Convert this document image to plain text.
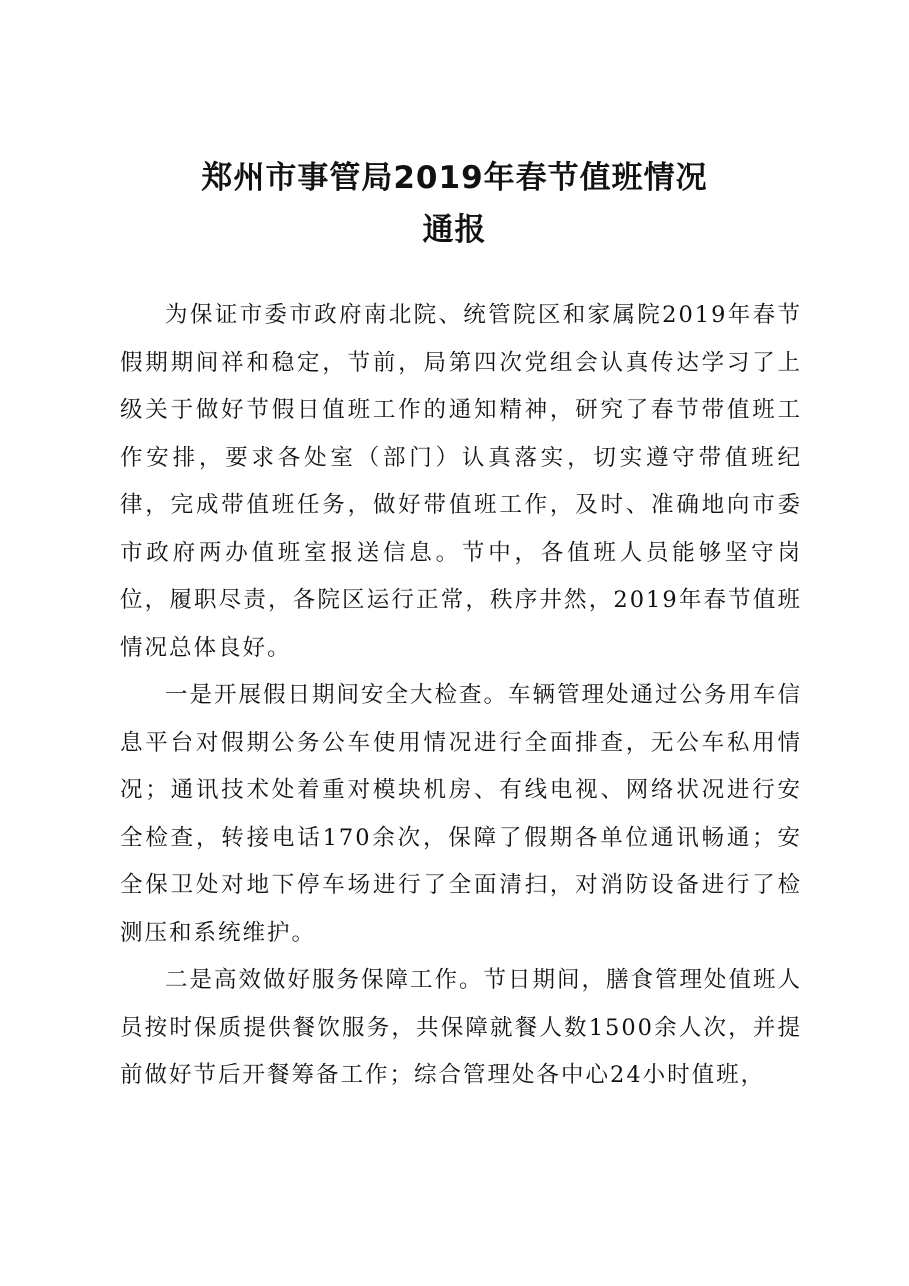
郑州市事管局2019年春节值班情况
通报

为保证市委市政府南北院、统管院区和家属院2019年春节假期期间祥和稳定，节前，局第四次党组会认真传达学习了上级关于做好节假日值班工作的通知精神，研究了春节带值班工作安排，要求各处室（部门）认真落实，切实遵守带值班纪律，完成带值班任务，做好带值班工作，及时、准确地向市委市政府两办值班室报送信息。节中，各值班人员能够坚守岗位，履职尽责，各院区运行正常，秩序井然，2019年春节值班情况总体良好。

一是开展假日期间安全大检查。车辆管理处通过公务用车信息平台对假期公务公车使用情况进行全面排查，无公车私用情况；通讯技术处着重对模块机房、有线电视、网络状况进行安全检查，转接电话170余次，保障了假期各单位通讯畅通；安全保卫处对地下停车场进行了全面清扫，对消防设备进行了检测压和系统维护。

二是高效做好服务保障工作。节日期间，膳食管理处值班人员按时保质提供餐饮服务，共保障就餐人数1500余人次，并提前做好节后开餐筹备工作；综合管理处各中心24小时值班，
